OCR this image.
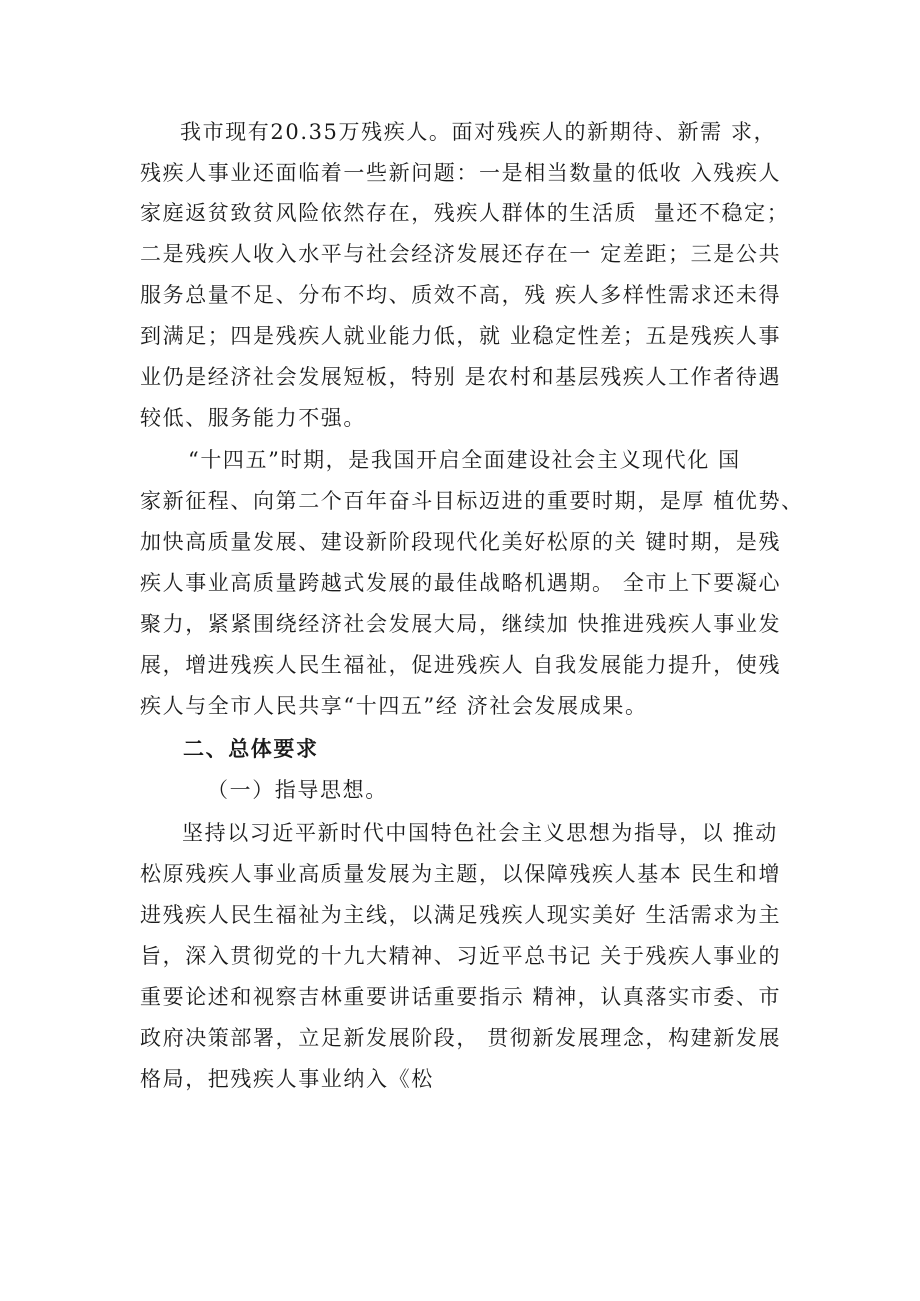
我市现有20.35万残疾人。面对残疾人的新期待、新需 求，
残疾人事业还面临着一些新问题：一是相当数量的低收 入残疾人
家庭返贫致贫风险依然存在，残疾人群体的生活质  量还不稳定；
二是残疾人收入水平与社会经济发展还存在一 定差距；三是公共
服务总量不足、分布不均、质效不高，残 疾人多样性需求还未得
到满足；四是残疾人就业能力低，就 业稳定性差；五是残疾人事
业仍是经济社会发展短板，特别 是农村和基层残疾人工作者待遇
较低、服务能力不强。
“十四五”时期，是我国开启全面建设社会主义现代化 国
家新征程、向第二个百年奋斗目标迈进的重要时期，是厚 植优势、
加快高质量发展、建设新阶段现代化美好松原的关 键时期，是残
疾人事业高质量跨越式发展的最佳战略机遇期。 全市上下要凝心
聚力，紧紧围绕经济社会发展大局，继续加 快推进残疾人事业发
展，增进残疾人民生福祉，促进残疾人 自我发展能力提升，使残
疾人与全市人民共享“十四五”经 济社会发展成果。
二、总体要求
（一）指导思想。
坚持以习近平新时代中国特色社会主义思想为指导，以 推动
松原残疾人事业高质量发展为主题，以保障残疾人基本 民生和增
进残疾人民生福祉为主线，以满足残疾人现实美好 生活需求为主
旨，深入贯彻党的十九大精神、习近平总书记 关于残疾人事业的
重要论述和视察吉林重要讲话重要指示 精神，认真落实市委、市
政府决策部署，立足新发展阶段， 贯彻新发展理念，构建新发展
格局，把残疾人事业纳入《松
